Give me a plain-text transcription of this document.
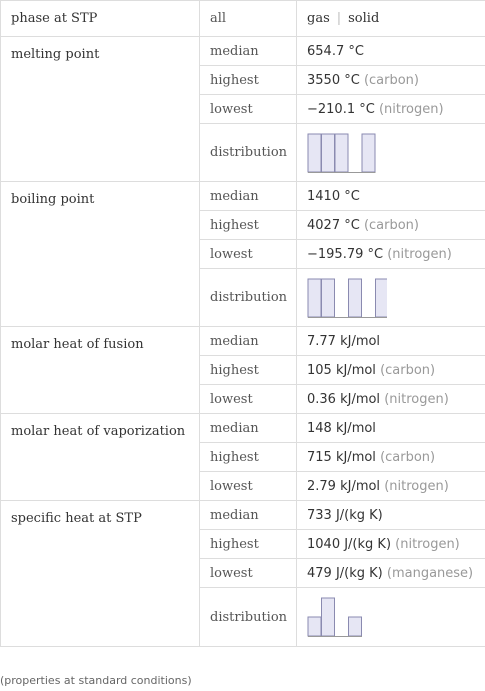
phase at STP	all	gas | solid
melting point	median	654.7 °C
	highest	3550 °C (carbon)
	lowest	−210.1 °C (nitrogen)
	distribution	
boiling point	median	1410 °C
	highest	4027 °C (carbon)
	lowest	−195.79 °C (nitrogen)
	distribution	
molar heat of fusion	median	7.77 kJ/mol
	highest	105 kJ/mol (carbon)
	lowest	0.36 kJ/mol (nitrogen)
molar heat of vaporization	median	148 kJ/mol
	highest	715 kJ/mol (carbon)
	lowest	2.79 kJ/mol (nitrogen)
specific heat at STP	median	733 J/(kg K)
	highest	1040 J/(kg K) (nitrogen)
	lowest	479 J/(kg K) (manganese)
	distribution	
(properties at standard conditions)
